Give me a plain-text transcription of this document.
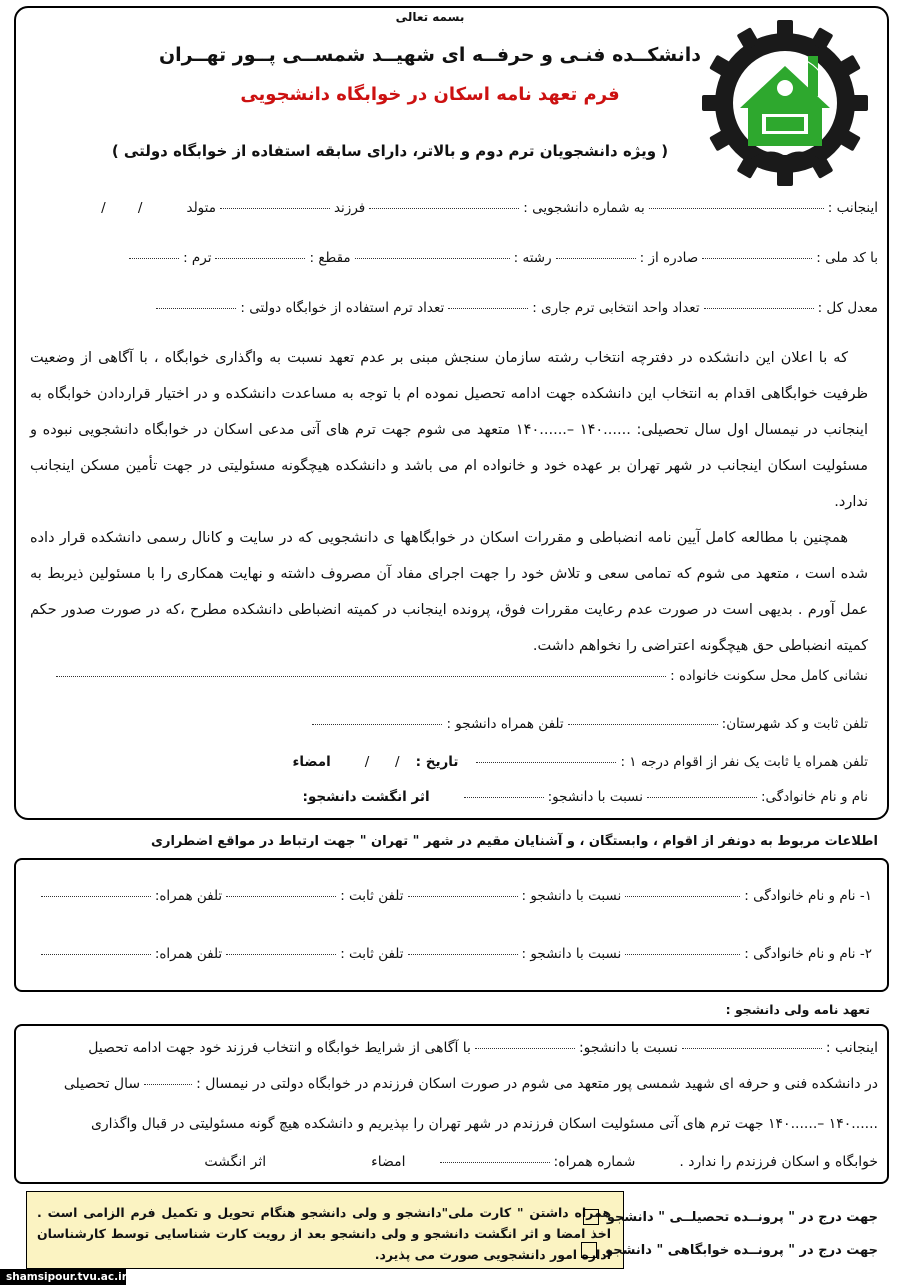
بسمه تعالی
دانشکــده فنـی و حرفــه ای شهیــد شمســی پــور تهــران
فرم تعهد نامه اسکان در خوابگاه دانشجویی
( ویژه دانشجویان ترم دوم و بالاتر، دارای سابقه استفاده از خوابگاه دولتی )
اینجانب :
به شماره دانشجویی :
فرزند
متولد
/ /
با کد ملی :
صادره از :
رشته :
مقطع :
ترم :
معدل کل :
تعداد واحد انتخابی ترم جاری :
تعداد ترم استفاده از خوابگاه دولتی :

که با اعلان این دانشکده در دفترچه انتخاب رشته سازمان سنجش مبنی بر عدم تعهد نسبت به واگذاری خوابگاه ، با آگاهی از وضعیت ظرفیت خوابگاهی اقدام به انتخاب این دانشکده جهت ادامه تحصیل نموده ام با توجه به مساعدت دانشکده و در اختیار قراردادن خوابگاه به اینجانب در نیمسال اول سال تحصیلی: ......۱۴۰ –......۱۴۰ متعهد می شوم جهت ترم های آتی مدعی اسکان در خوابگاه دانشجویی نبوده و مسئولیت اسکان اینجانب در شهر تهران بر عهده خود و خانواده ام می باشد و دانشکده هیچگونه مسئولیتی در جهت تأمین مسکن اینجانب ندارد.

همچنین با مطالعه کامل آیین نامه انضباطی و مقررات اسکان در خوابگاهها ی دانشجویی که در سایت و کانال رسمی دانشکده قرار داده شده است ، متعهد می شوم که تمامی سعی و تلاش خود را جهت اجرای مفاد آن مصروف داشته و نهایت همکاری را با مسئولین ذیربط به عمل آورم . بدیهی است در صورت عدم رعایت مقررات فوق، پرونده اینجانب در کمیته انضباطی دانشکده مطرح ،که در صورت صدور حکم کمیته انضباطی حق هیچگونه اعتراضی را نخواهم داشت.

نشانی کامل محل سکونت خانواده :
تلفن ثابت و کد شهرستان:
تلفن همراه دانشجو :
تلفن همراه یا ثابت یک نفر از اقوام درجه ۱ :
تاریخ :
/      /
امضاء
نام و نام خانوادگی:
نسبت با دانشجو:
اثر انگشت دانشجو:
اطلاعات مربوط به دونفر از اقوام ، وابستگان ، و آشنایان مقیم در شهر " تهران " جهت ارتباط در مواقع اضطراری
۱- نام و نام خانوادگی :
نسبت با دانشجو :
تلفن ثابت :
تلفن همراه:
۲- نام و نام خانوادگی :
نسبت با دانشجو :
تلفن ثابت :
تلفن همراه:
تعهد نامه ولی دانشجو :
اینجانب :
نسبت با دانشجو:
با آگاهی از شرایط خوابگاه و انتخاب فرزند خود جهت ادامه تحصیل
در دانشکده فنی و حرفه ای شهید شمسی پور متعهد می شوم در صورت اسکان فرزندم در خوابگاه دولتی در نیمسال :
سال تحصیلی
......۱۴۰ –......۱۴۰ جهت ترم های آتی مسئولیت اسکان فرزندم در شهر تهران را بپذیریم و دانشکده هیچ گونه مسئولیتی در قبال واگذاری
خوابگاه و اسکان فرزندم را ندارد .
شماره همراه:
امضاء
اثر انگشت
همراه داشتن " کارت ملی"دانشجو و ولی دانشجو هنگام تحویل و تکمیل فرم الزامی است . اخذ امضا و اثر انگشت دانشجو و ولی دانشجو بعد از رویت کارت شناسایی توسط کارشناسان اداره امور دانشجویی صورت می پذیرد.
جهت درج در " پرونــده تحصیلــی " دانشجو
جهت درج در " پرونــده خوابگاهی " دانشجو
shamsipour.tvu.ac.ir
